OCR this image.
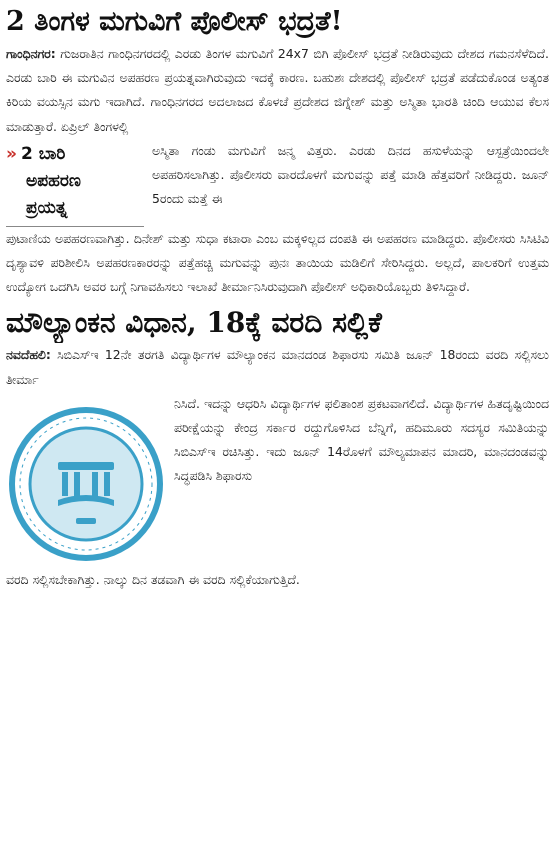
2 ತಿಂಗಳ ಮಗುವಿಗೆ ಪೊಲೀಸ್ ಭದ್ರತೆ!

ಗಾಂಧಿನಗರ: ಗುಜರಾತಿನ ಗಾಂಧಿನಗರದಲ್ಲಿ ಎರಡು ತಿಂಗಳ ಮಗುವಿಗೆ 24x7 ಬಿಗಿ ಪೊಲೀಸ್ ಭದ್ರತೆ ನೀಡಿರುವುದು ದೇಶದ ಗಮನಸೆಳೆದಿದೆ. ಎರಡು ಬಾರಿ ಈ ಮಗುವಿನ ಅಪಹರಣ ಪ್ರಯತ್ನವಾಗಿರುವುದು ಇದಕ್ಕೆ ಕಾರಣ. ಬಹುಶಃ ದೇಶದಲ್ಲಿ ಪೊಲೀಸ್ ಭದ್ರತೆ ಪಡೆದುಕೊಂಡ ಅತ್ಯಂತ ಕಿರಿಯ ವಯಸ್ಸಿನ ಮಗು ಇದಾಗಿದೆ. ಗಾಂಧಿನಗರದ ಅದಲಾಜದ ಕೊಳಚೆ ಪ್ರದೇಶದ ಜಿಗ್ನೇಶ್ ಮತ್ತು ಅಸ್ಮಿತಾ ಭಾರತಿ ಚಿಂದಿ ಆಯುವ ಕೆಲಸ ಮಾಡುತ್ತಾರೆ. ಏಪ್ರಿಲ್ ತಿಂಗಳಲ್ಲಿ

» 2 ಬಾರಿ
ಅಪಹರಣ
ಪ್ರಯತ್ನ
ಅಸ್ಮಿತಾ ಗಂಡು ಮಗುವಿಗೆ ಜನ್ಮ ವಿತ್ತರು. ಎರಡು ದಿನದ ಹಸುಳೆಯನ್ನು ಆಸ್ಪತ್ರೆಯಿಂದಲೇ ಅಪಹರಿಸಲಾಗಿತ್ತು. ಪೊಲೀಸರು ವಾರದೊಳಗೆ ಮಗುವನ್ನು ಪತ್ತೆ ಮಾಡಿ ಹೆತ್ತವರಿಗೆ ನೀಡಿದ್ದರು. ಜೂನ್ 5ರಂದು ಮತ್ತೆ ಈ

ಪುಟಾಣಿಯ ಅಪಹರಣವಾಗಿತ್ತು. ದಿನೇಶ್ ಮತ್ತು ಸುಧಾ ಕಟಾರಾ ಎಂಬ ಮಕ್ಕಳಿಲ್ಲದ ದಂಪತಿ ಈ ಅಪಹರಣ ಮಾಡಿದ್ದರು. ಪೊಲೀಸರು ಸಿಸಿಟಿವಿ ದೃಶ್ಯಾವಳಿ ಪರಿಶೀಲಿಸಿ ಅಪಹರಣಕಾರರನ್ನು ಪತ್ತೆಹಚ್ಚಿ ಮಗುವನ್ನು ಪುನಃ ತಾಯಿಯ ಮಡಿಲಿಗೆ ಸೇರಿಸಿದ್ದರು. ಅಲ್ಲದೆ, ಪಾಲಕರಿಗೆ ಉತ್ತಮ ಉದ್ಯೋಗ ಒದಗಿಸಿ ಅವರ ಬಗ್ಗೆ ನಿಗಾವಹಿಸಲು ಇಲಾಖೆ ತೀರ್ಮಾನಿಸಿರುವುದಾಗಿ ಪೊಲೀಸ್ ಅಧಿಕಾರಿಯೊಬ್ಬರು ತಿಳಿಸಿದ್ದಾರೆ.

ಮೌಲ್ಯಾಂಕನ ವಿಧಾನ, 18ಕ್ಕೆ ವರದಿ ಸಲ್ಲಿಕೆ

ನವದೆಹಲಿ: ಸಿಬಿಎಸ್ಇ 12ನೇ ತರಗತಿ ವಿದ್ಯಾರ್ಥಿಗಳ ಮೌಲ್ಯಾಂಕನ ಮಾನದಂಡ ಶಿಫಾರಸು ಸಮಿತಿ ಜೂನ್ 18ರಂದು ವರದಿ ಸಲ್ಲಿಸಲು ತೀರ್ಮಾ

ನಿಸಿದೆ. ಇದನ್ನು ಆಧರಿಸಿ ವಿದ್ಯಾರ್ಥಿಗಳ ಫಲಿತಾಂಶ ಪ್ರಕಟವಾಗಲಿದೆ. ವಿದ್ಯಾರ್ಥಿಗಳ ಹಿತದೃಷ್ಟಿಯಿಂದ ಪರೀಕ್ಷೆಯನ್ನು ಕೇಂದ್ರ ಸರ್ಕಾರ ರದ್ದುಗೊಳಿಸಿದ ಬೆನ್ನಿಗೆ, ಹದಿಮೂರು ಸದಸ್ಯರ ಸಮಿತಿಯನ್ನು ಸಿಬಿಎಸ್ಇ ರಚಿಸಿತ್ತು. ಇದು ಜೂನ್ 14ರೊಳಗೆ ಮೌಲ್ಯಮಾಪನ ಮಾದರಿ, ಮಾನದಂಡವನ್ನು ಸಿದ್ಧಪಡಿಸಿ ಶಿಫಾರಸು

ವರದಿ ಸಲ್ಲಿಸಬೇಕಾಗಿತ್ತು. ನಾಲ್ಕು ದಿನ ತಡವಾಗಿ ಈ ವರದಿ ಸಲ್ಲಿಕೆಯಾಗುತ್ತಿದೆ.
